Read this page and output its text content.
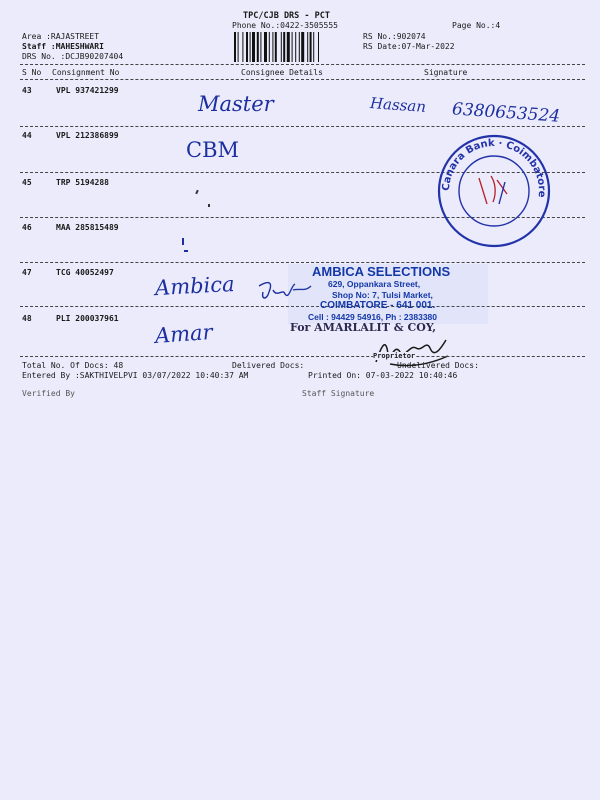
TPC/CJB DRS - PCT
Phone No.:0422-3505555	Page No.:4
Area :RAJASTREET
Staff :MAHESHWARI
DRS No. :DCJB90207404
RS No.:902074
RS Date:07-Mar-2022
S No Consignment No	Consignee Details	Signature
43	VPL 937421299
Master	Hassan 6380653524
44	VPL 212386899
CBM
45	TRP 5194288
46	MAA 285815489
47	TCG 40052497 Ambica
48	PLI 200037961
Amar
AMBICA SELECTIONS
629, Oppankara Street,
Shop No: 7, Tulsi Market,
COIMBATORE - 641 001.
Cell : 94429 54916, Ph : 2383380
For AMARLALIT & COY,
Canara Bank · Coimbatore
Total No. Of Docs: 48	Delivered Docs:	Undelivered Docs:
Proprietor
Entered By :SAKTHIVELPVI 03/07/2022 10:40:37 AM	Printed On: 07-03-2022 10:40:46
Verified By	Staff Signature
